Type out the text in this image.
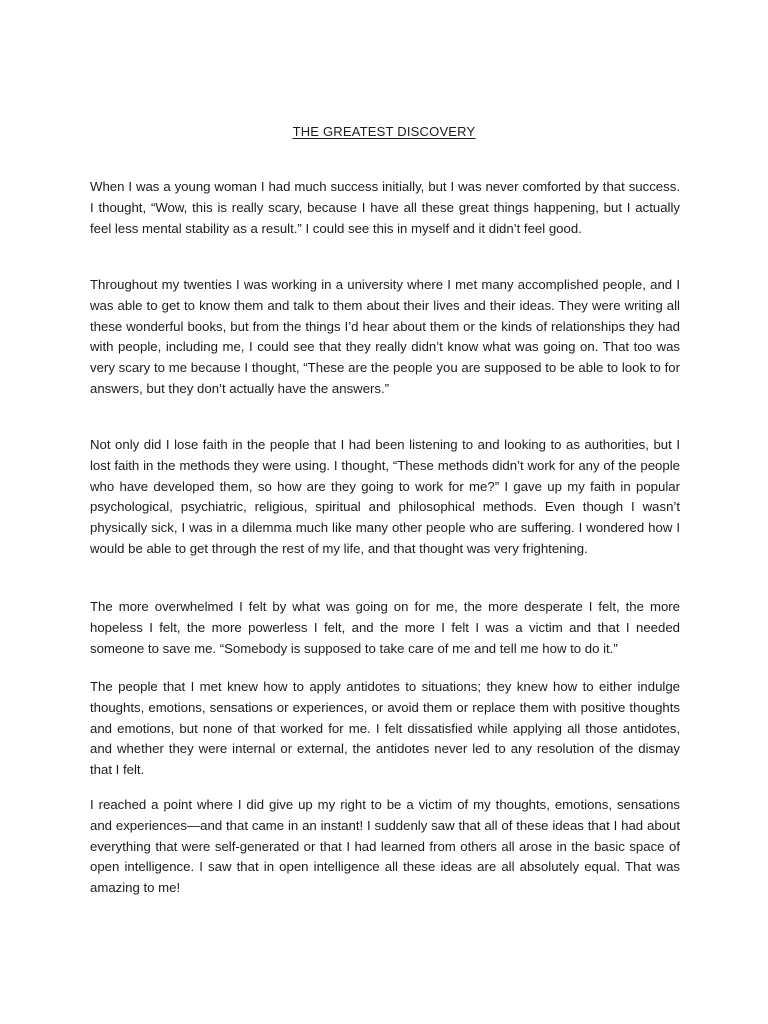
THE GREATEST DISCOVERY

When I was a young woman I had much success initially, but I was never comforted by that success. I thought, “Wow, this is really scary, because I have all these great things happening, but I actually feel less mental stability as a result.” I could see this in myself and it didn’t feel good.

Throughout my twenties I was working in a university where I met many accomplished people, and I was able to get to know them and talk to them about their lives and their ideas. They were writing all these wonderful books, but from the things I’d hear about them or the kinds of relationships they had with people, including me, I could see that they really didn’t know what was going on. That too was very scary to me because I thought, “These are the people you are supposed to be able to look to for answers, but they don’t actually have the answers.”

Not only did I lose faith in the people that I had been listening to and looking to as authorities, but I lost faith in the methods they were using. I thought, “These methods didn’t work for any of the people who have developed them, so how are they going to work for me?” I gave up my faith in popular psychological, psychiatric, religious, spiritual and philosophical methods. Even though I wasn’t physically sick, I was in a dilemma much like many other people who are suffering. I wondered how I would be able to get through the rest of my life, and that thought was very frightening.

The more overwhelmed I felt by what was going on for me, the more desperate I felt, the more hopeless I felt, the more powerless I felt, and the more I felt I was a victim and that I needed someone to save me. “Somebody is supposed to take care of me and tell me how to do it.”

The people that I met knew how to apply antidotes to situations; they knew how to either indulge thoughts, emotions, sensations or experiences, or avoid them or replace them with positive thoughts and emotions, but none of that worked for me. I felt dissatisfied while applying all those antidotes, and whether they were internal or external, the antidotes never led to any resolution of the dismay that I felt.

I reached a point where I did give up my right to be a victim of my thoughts, emotions, sensations and experiences—and that came in an instant! I suddenly saw that all of these ideas that I had about everything that were self-generated or that I had learned from others all arose in the basic space of open intelligence. I saw that in open intelligence all these ideas are all absolutely equal. That was amazing to me!
